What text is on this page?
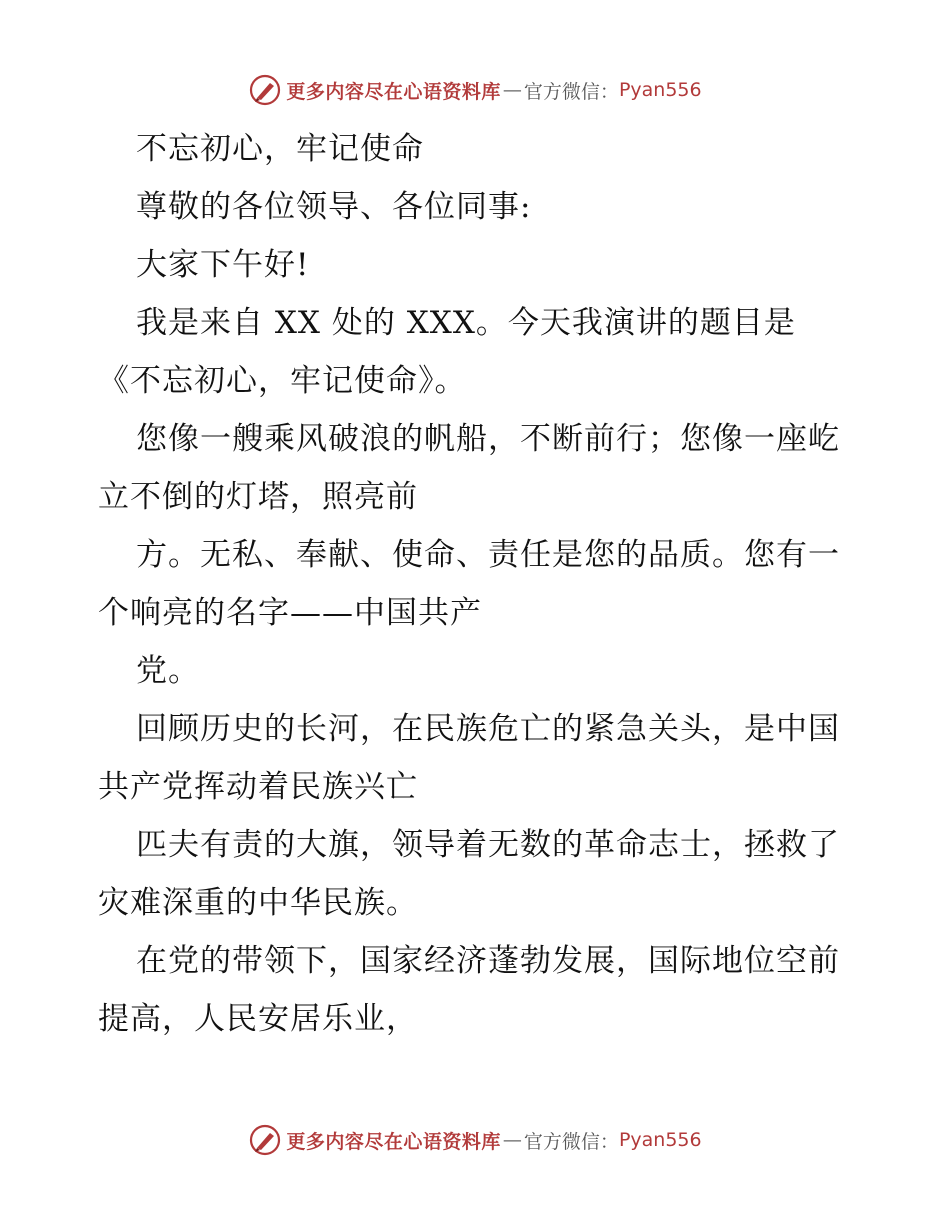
更多内容尽在心语资料库 — 官方微信： Pyan556

不忘初心，牢记使命

尊敬的各位领导、各位同事:

大家下午好!

我是来自 XX 处的 XXX。今天我演讲的题目是《不忘初心，牢记使命》。

您像一艘乘风破浪的帆船，不断前行；您像一座屹立不倒的灯塔，照亮前

方。无私、奉献、使命、责任是您的品质。您有一个响亮的名字——中国共产

党。

回顾历史的长河，在民族危亡的紧急关头，是中国共产党挥动着民族兴亡

匹夫有责的大旗，领导着无数的革命志士，拯救了灾难深重的中华民族。

在党的带领下，国家经济蓬勃发展，国际地位空前提高，人民安居乐业，

更多内容尽在心语资料库 — 官方微信： Pyan556
